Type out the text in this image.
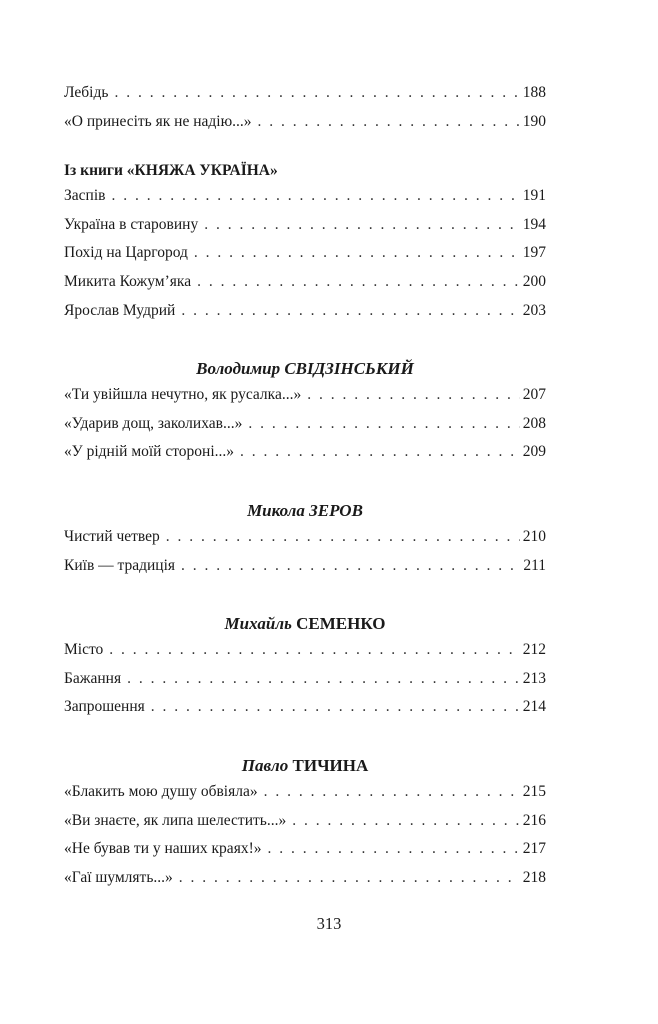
Лебідь . . .	188
«О принесіть як не надію...» . . .	190
Із книги «КНЯЖА УКРАЇНА»
Заспів . . .	191
Україна в старовину . . .	194
Похід на Царгород . . .	197
Микита Кожум’яка . . .	200
Ярослав Мудрий . . .	203
Володимир СВІДЗІНСЬКИЙ
«Ти увійшла нечутно, як русалка...» . . .	207
«Ударив дощ, заколихав...» . . .	208
«У рідній моїй стороні...» . . .	209
Микола ЗЕРОВ
Чистий четвер . . .	210
Київ — традиція . . .	211
Михайль СЕМЕНКО
Місто . . .	212
Бажання . . .	213
Запрошення . . .	214
Павло ТИЧИНА
«Блакить мою душу обвіяла» . . .	215
«Ви знаєте, як липа шелестить...» . . .	216
«Не бував ти у наших краях!» . . .	217
«Гаї шумлять...» . . .	218
313
